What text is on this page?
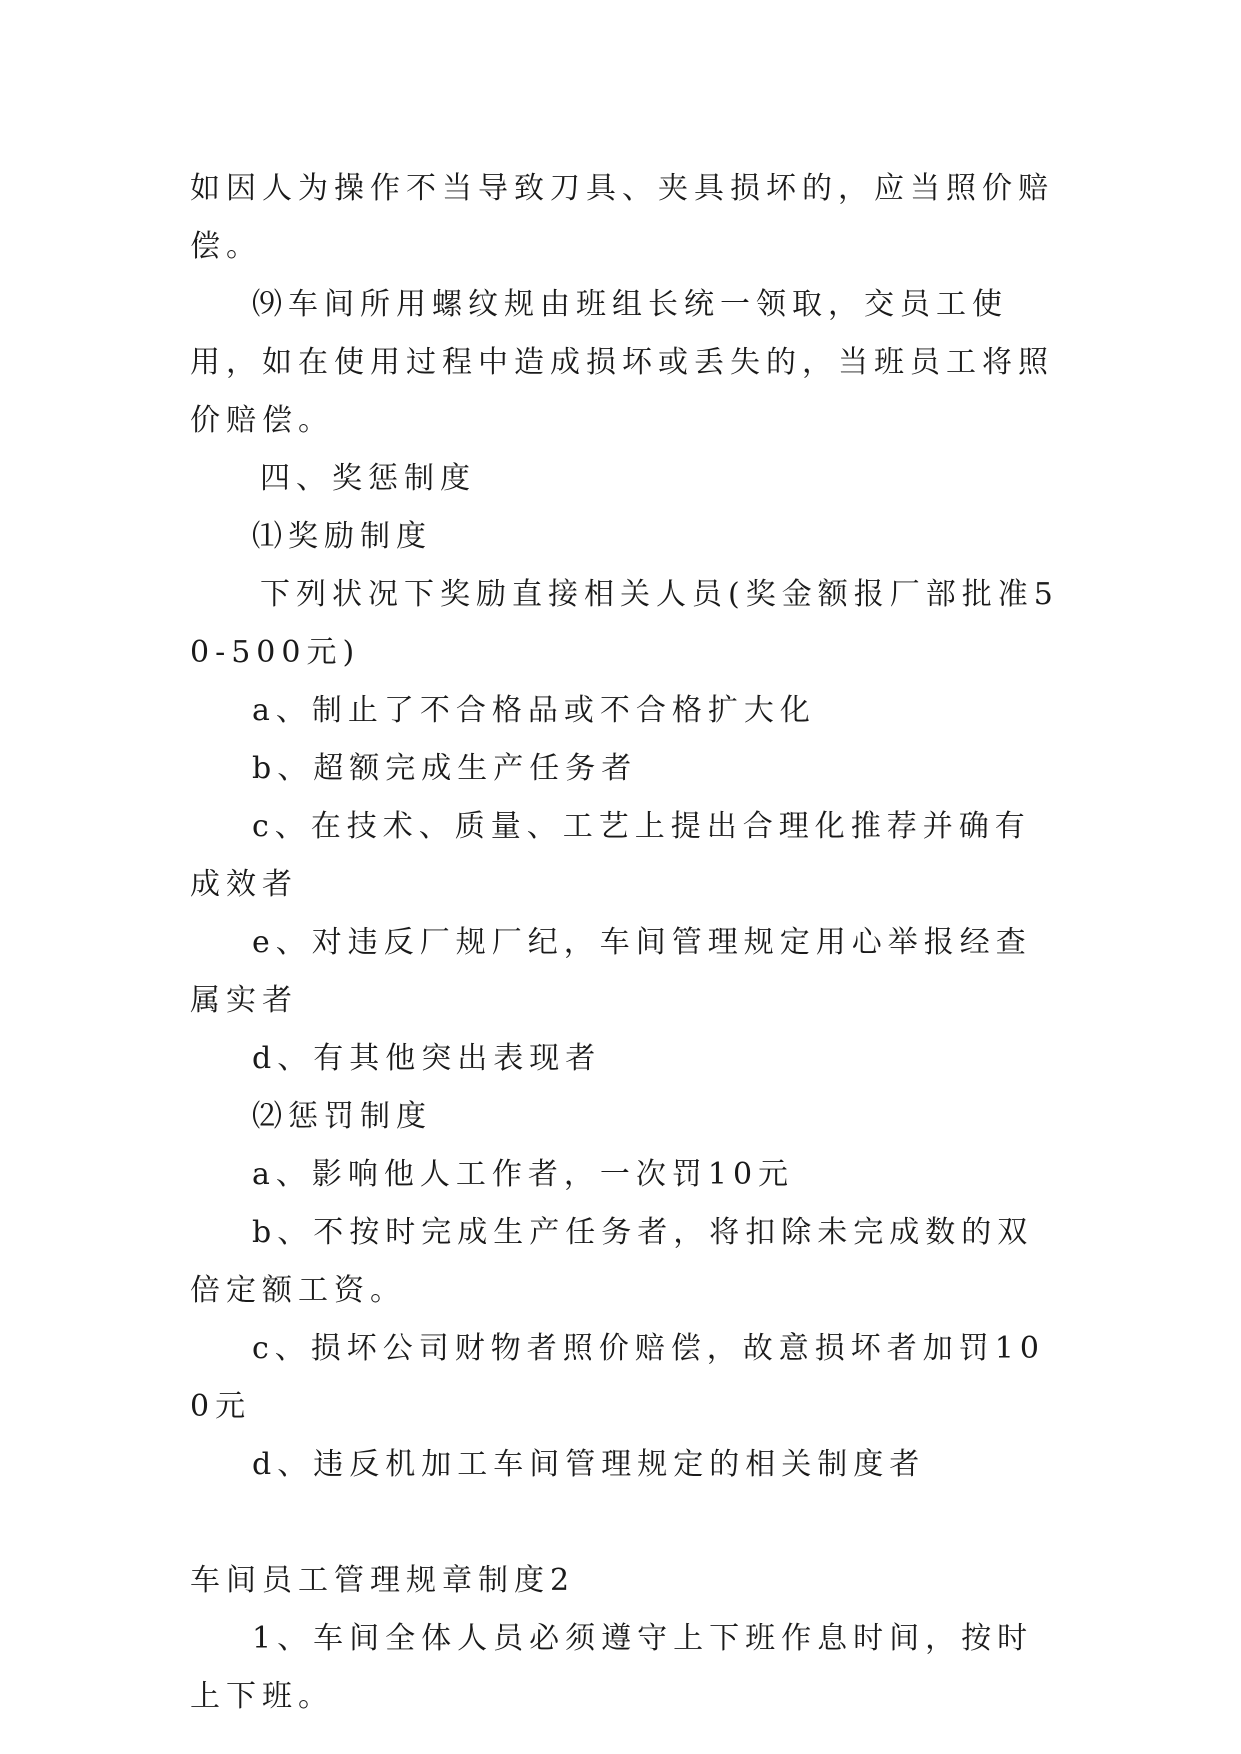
如因人为操作不当导致刀具、夹具损坏的，应当照价赔偿。

⑼车间所用螺纹规由班组长统一领取，交员工使用，如在使用过程中造成损坏或丢失的，当班员工将照价赔偿。

四、奖惩制度

⑴奖励制度

下列状况下奖励直接相关人员(奖金额报厂部批准50-500元)

a、制止了不合格品或不合格扩大化

b、超额完成生产任务者

c、在技术、质量、工艺上提出合理化推荐并确有成效者

e、对违反厂规厂纪，车间管理规定用心举报经查属实者

d、有其他突出表现者

⑵惩罚制度

a、影响他人工作者，一次罚10元

b、不按时完成生产任务者，将扣除未完成数的双倍定额工资。

c、损坏公司财物者照价赔偿，故意损坏者加罚100元

d、违反机加工车间管理规定的相关制度者

车间员工管理规章制度2

1、车间全体人员必须遵守上下班作息时间，按时上下班。
